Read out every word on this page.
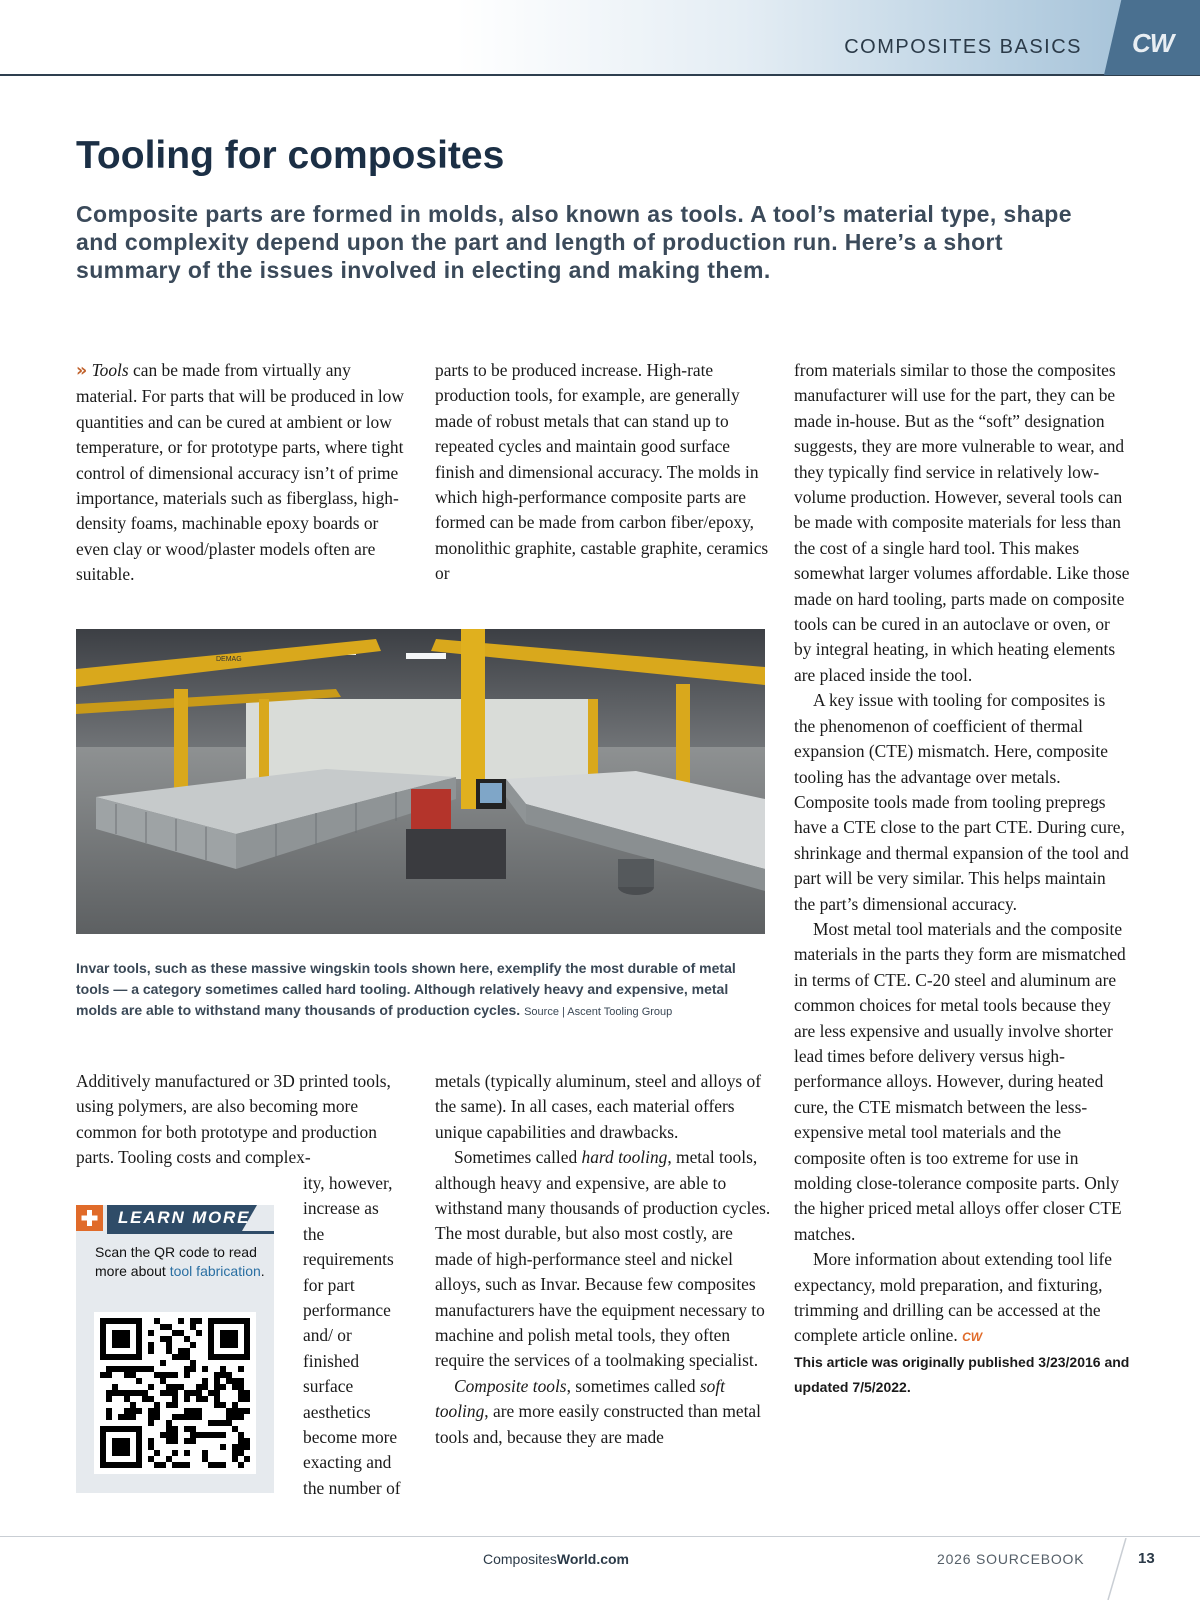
COMPOSITES BASICS CW
Tooling for composites

Composite parts are formed in molds, also known as tools. A tool’s material type, shape and complexity depend upon the part and length of production run. Here’s a short summary of the issues involved in electing and making them.

» Tools can be made from virtually any material. For parts that will be produced in low quantities and can be cured at ambient or low temperature, or for prototype parts, where tight control of dimensional accuracy isn’t of prime importance, materials such as fiberglass, high-density foams, machinable epoxy boards or even clay or wood/plaster models often are suitable.

parts to be produced increase. High-rate production tools, for example, are generally made of robust metals that can stand up to repeated cycles and maintain good surface finish and dimensional accuracy. The molds in which high-performance composite parts are formed can be made from carbon fiber/epoxy, monolithic graphite, castable graphite, ceramics or

from materials similar to those the composites manufacturer will use for the part, they can be made in-house. But as the “soft” designation suggests, they are more vulnerable to wear, and they typically find service in relatively low-volume production. However, several tools can be made with composite materials for less than the cost of a single hard tool. This makes somewhat larger volumes affordable. Like those made on hard tooling, parts made on composite tools can be cured in an autoclave or oven, or by integral heating, in which heating elements are placed inside the tool.

A key issue with tooling for composites is the phenomenon of coefficient of thermal expansion (CTE) mismatch. Here, composite tooling has the advantage over metals. Composite tools made from tooling prepregs have a CTE close to the part CTE. During cure, shrinkage and thermal expansion of the tool and part will be very similar. This helps maintain the part’s dimensional accuracy.

Most metal tool materials and the composite materials in the parts they form are mismatched in terms of CTE. C-20 steel and aluminum are common choices for metal tools because they are less expensive and usually involve shorter lead times before delivery versus high-performance alloys. However, during heated cure, the CTE mismatch between the less-expensive metal tool materials and the composite often is too extreme for use in molding close-tolerance composite parts. Only the higher priced metal alloys offer closer CTE matches.

More information about extending tool life expectancy, mold preparation, and fixturing, trimming and drilling can be accessed at the complete article online. CW

This article was originally published 3/23/2016 and updated 7/5/2022.

DEMAG

Invar tools, such as these massive wingskin tools shown here, exemplify the most durable of metal tools — a category sometimes called hard tooling. Although relatively heavy and expensive, metal molds are able to withstand many thousands of production cycles. Source | Ascent Tooling Group

Additively manufactured or 3D printed tools, using polymers, are also becoming more common for both prototype and production parts. Tooling costs and complex-

ity, however, increase as the requirements for part performance and/ or finished surface aesthetics become more exacting and the number of

metals (typically aluminum, steel and alloys of the same). In all cases, each material offers unique capabilities and drawbacks.

Sometimes called hard tooling, metal tools, although heavy and expensive, are able to withstand many thousands of production cycles. The most durable, but also most costly, are made of high-performance steel and nickel alloys, such as Invar. Because few composites manufacturers have the equipment necessary to machine and polish metal tools, they often require the services of a toolmaking specialist.

Composite tools, sometimes called soft tooling, are more easily constructed than metal tools and, because they are made

LEARN MORE

Scan the QR code to read more about tool fabrication.

CompositesWorld.com	2026 SOURCEBOOK	13
